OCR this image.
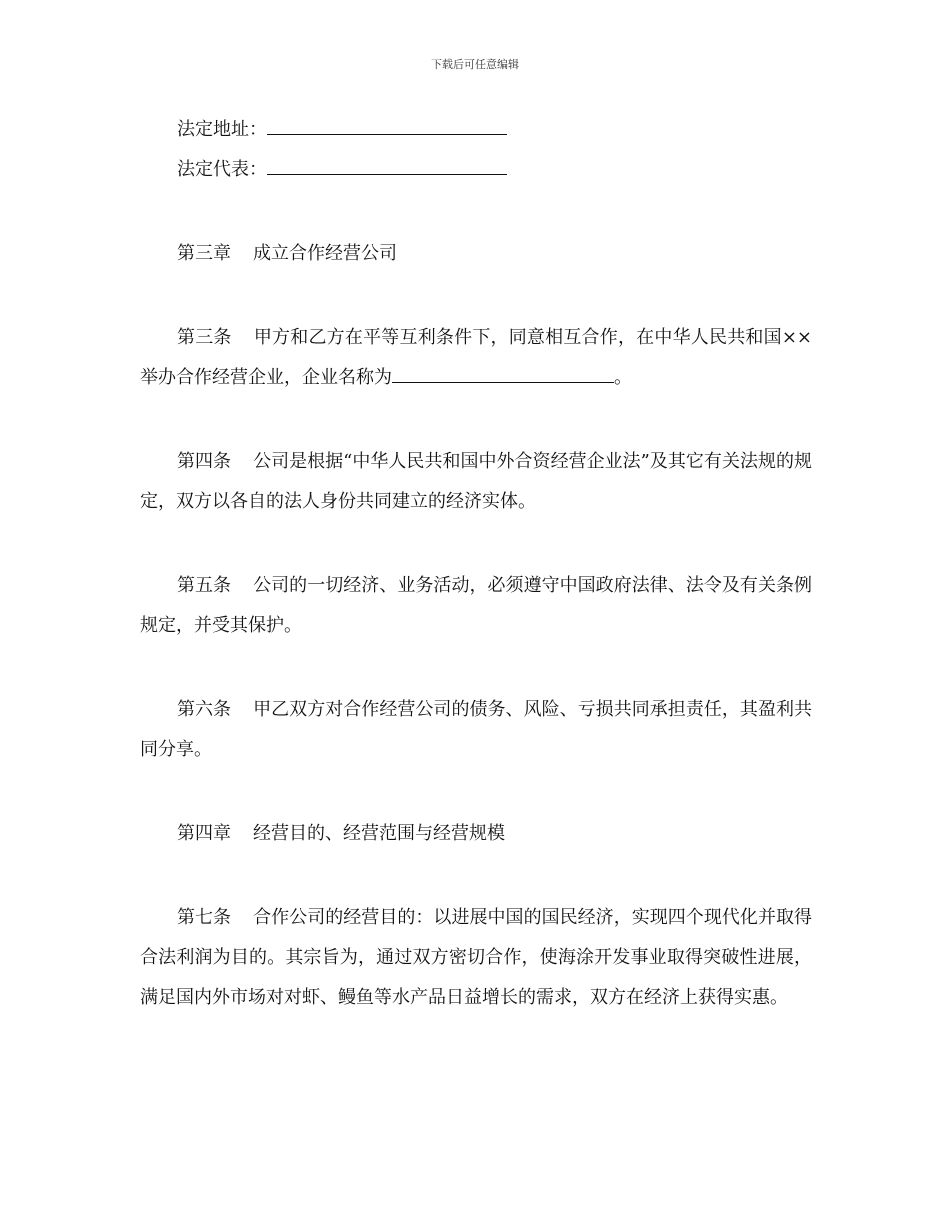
下载后可任意编辑
法定地址：
法定代表：
第三章 成立合作经营公司

第三条 甲方和乙方在平等互利条件下，同意相互合作，在中华人民共和国××举办合作经营企业，企业名称为	。

第四条 公司是根据“中华人民共和国中外合资经营企业法”及其它有关法规的规定，双方以各自的法人身份共同建立的经济实体。

第五条 公司的一切经济、业务活动，必须遵守中国政府法律、法令及有关条例规定，并受其保护。

第六条 甲乙双方对合作经营公司的债务、风险、亏损共同承担责任，其盈利共同分享。

第四章 经营目的、经营范围与经营规模

第七条 合作公司的经营目的：以进展中国的国民经济，实现四个现代化并取得合法利润为目的。其宗旨为，通过双方密切合作，使海涂开发事业取得突破性进展，满足国内外市场对对虾、鳗鱼等水产品日益增长的需求，双方在经济上获得实惠。
